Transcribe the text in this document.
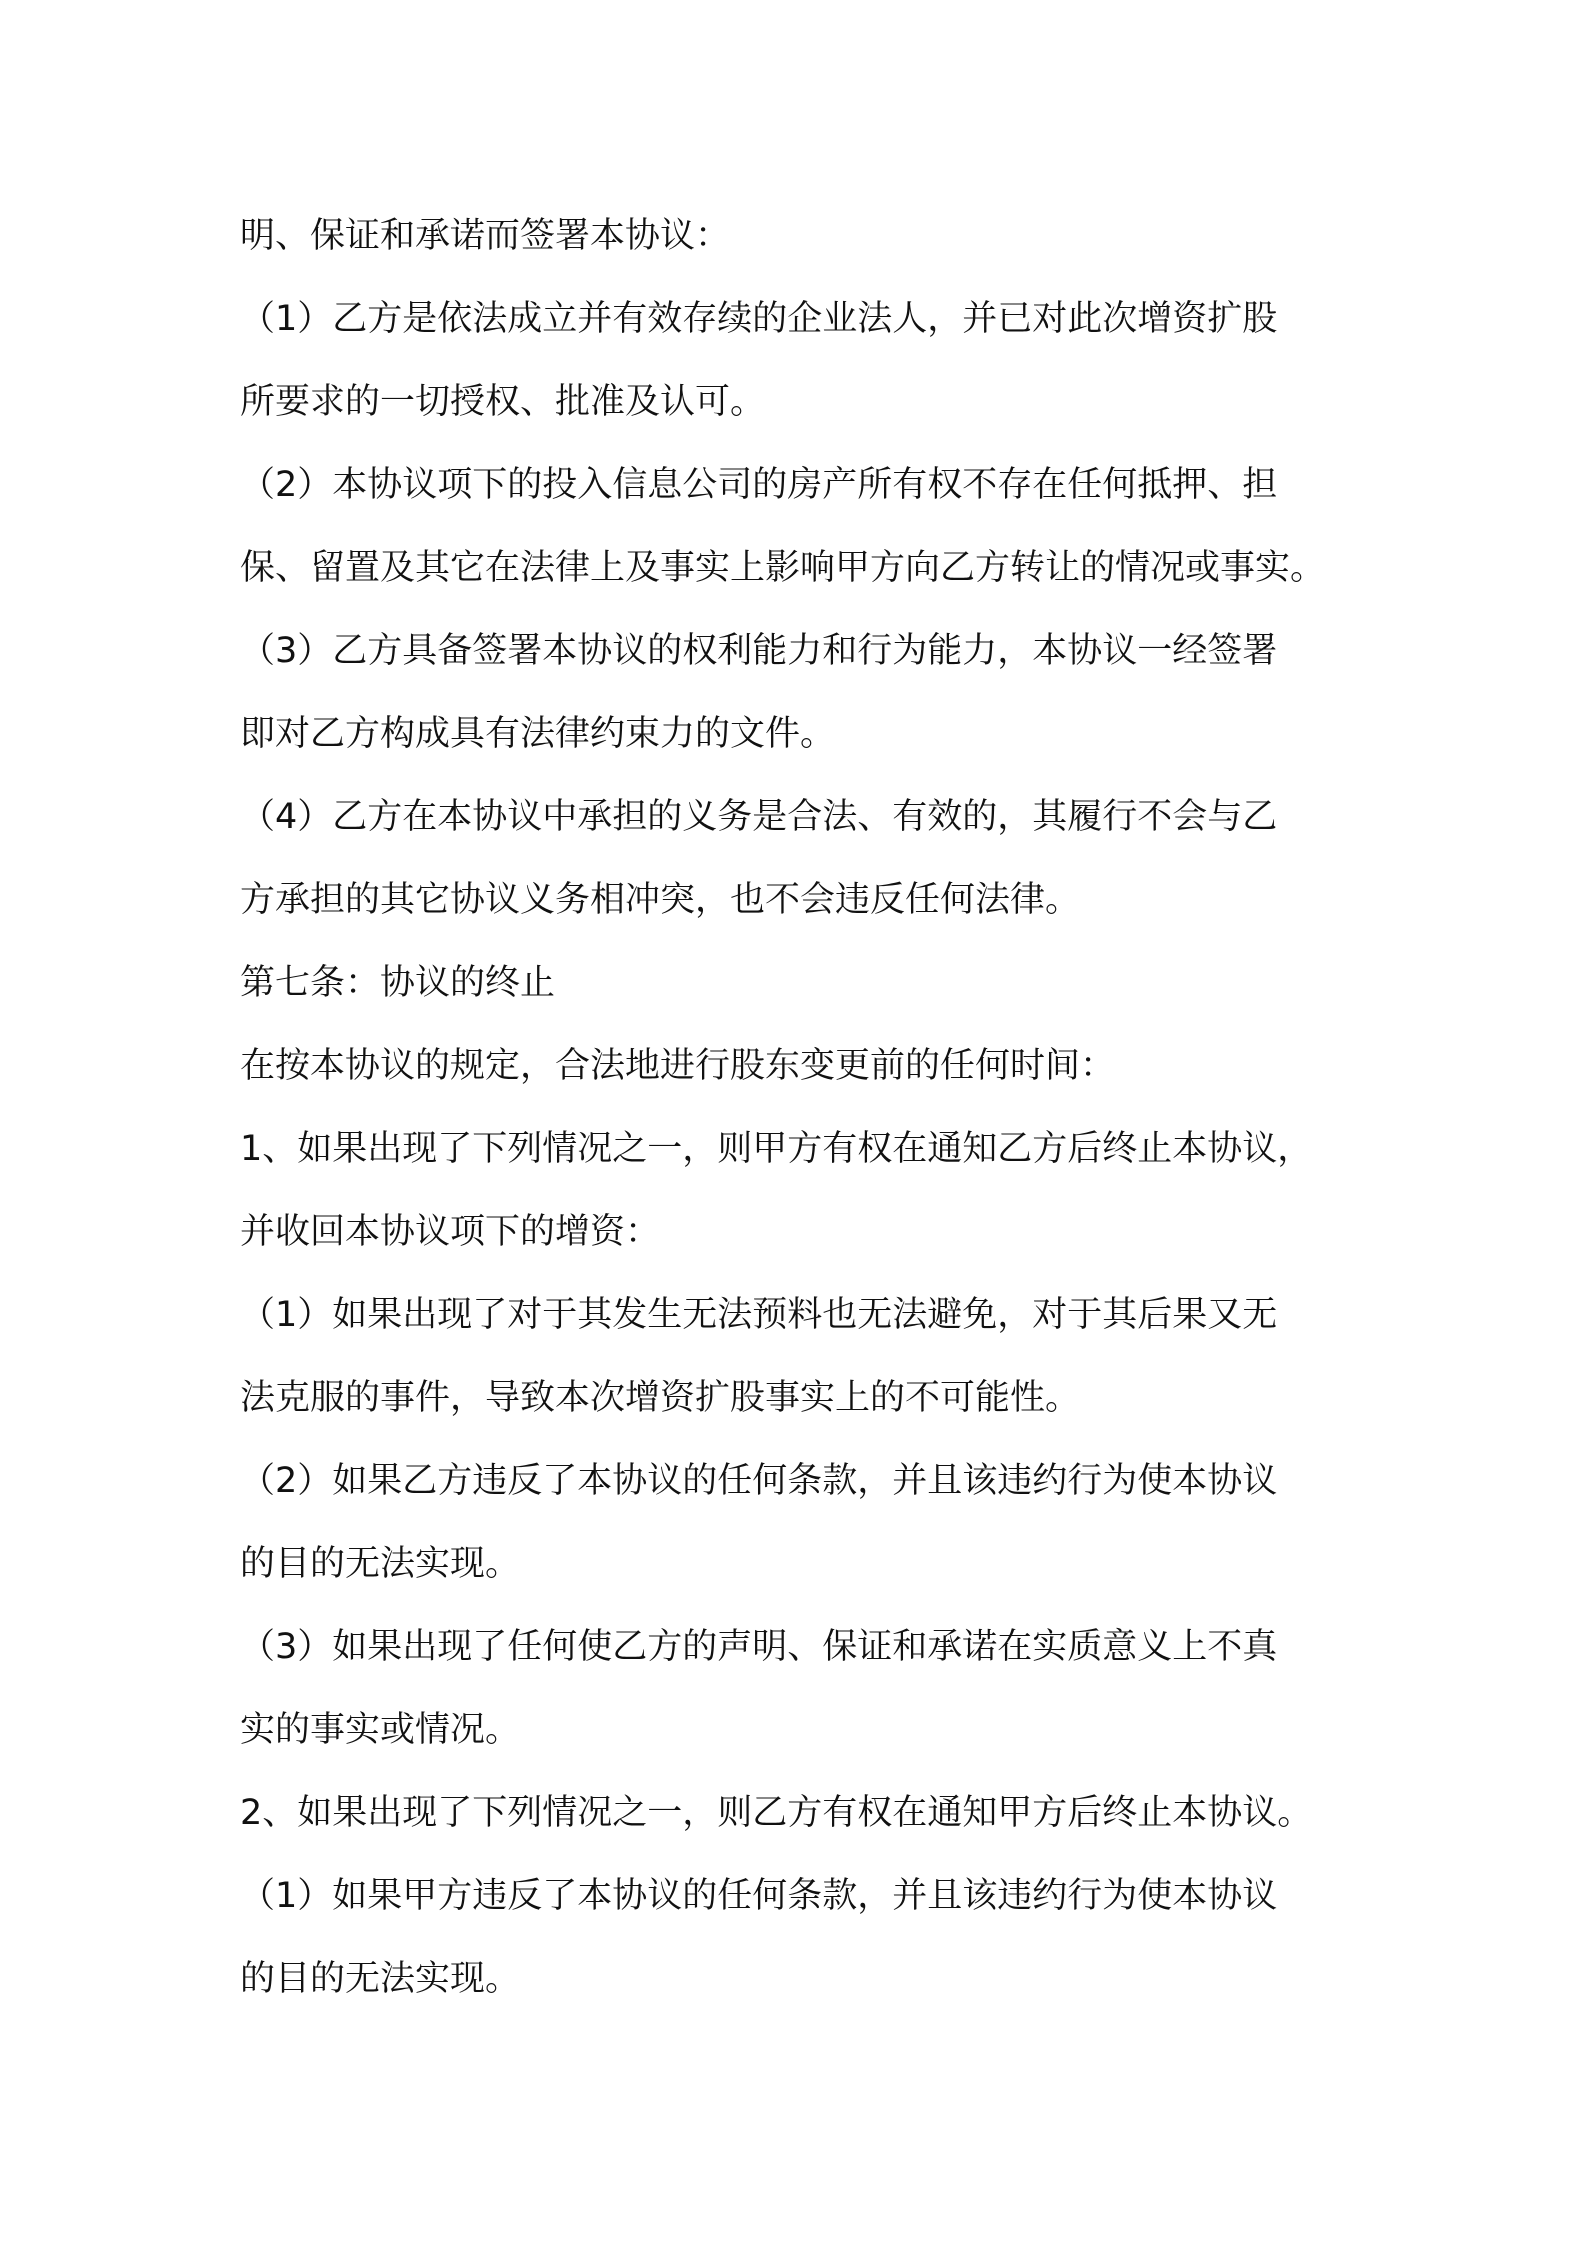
明、保证和承诺而签署本协议：
（1）乙方是依法成立并有效存续的企业法人，并已对此次增资扩股
所要求的一切授权、批准及认可。
（2）本协议项下的投入信息公司的房产所有权不存在任何抵押、担
保、留置及其它在法律上及事实上影响甲方向乙方转让的情况或事实。
（3）乙方具备签署本协议的权利能力和行为能力，本协议一经签署
即对乙方构成具有法律约束力的文件。
（4）乙方在本协议中承担的义务是合法、有效的，其履行不会与乙
方承担的其它协议义务相冲突，也不会违反任何法律。
第七条：协议的终止
在按本协议的规定，合法地进行股东变更前的任何时间：
1、如果出现了下列情况之一，则甲方有权在通知乙方后终止本协议，
并收回本协议项下的增资：
（1）如果出现了对于其发生无法预料也无法避免，对于其后果又无
法克服的事件，导致本次增资扩股事实上的不可能性。
（2）如果乙方违反了本协议的任何条款，并且该违约行为使本协议
的目的无法实现。
（3）如果出现了任何使乙方的声明、保证和承诺在实质意义上不真
实的事实或情况。
2、如果出现了下列情况之一，则乙方有权在通知甲方后终止本协议。
（1）如果甲方违反了本协议的任何条款，并且该违约行为使本协议
的目的无法实现。
